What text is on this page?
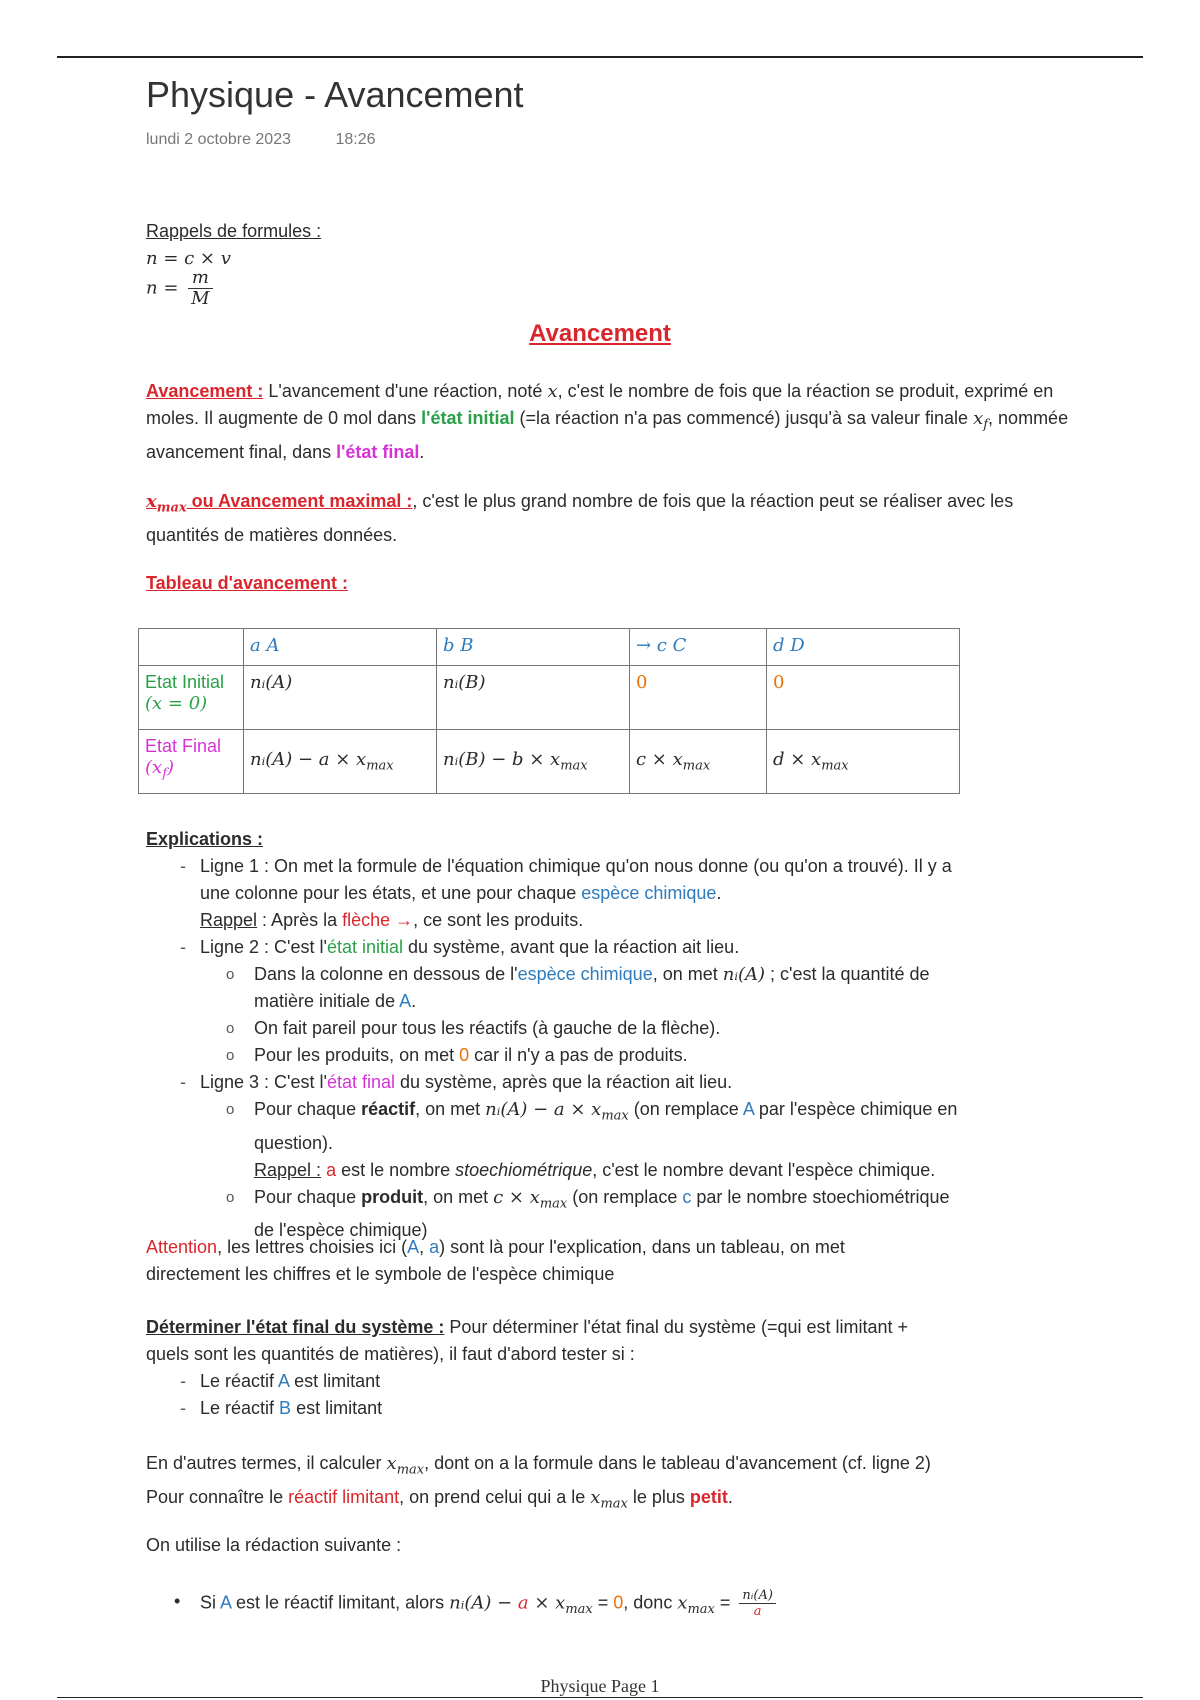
Physique - Avancement
lundi 2 octobre 2023	18:26
Rappels de formules :
n = c × v
$n = \frac{m}{M}$
Avancement
Avancement : L'avancement d'une réaction, noté x, c'est le nombre de fois que la réaction se produit, exprimé en moles. Il augmente de 0 mol dans l'état initial (=la réaction n'a pas commencé) jusqu'à sa valeur finale $x_f$, nommée avancement final, dans l'état final.
$x_{max}$ ou Avancement maximal :, c'est le plus grand nombre de fois que la réaction peut se réaliser avec les quantités de matières données.
Tableau d'avancement :
	a A	b B	→ c C	d D

Etat Initial
(x = 0)	nᵢ(A)	nᵢ(B)	0	0

Etat Final
$(x_f)$	nᵢ(A) − $a \times x_{max}$	nᵢ(B) − $b \times x_{max}$	$c \times x_{max}$	$d \times x_{max}$
Explications :
- Ligne 1 : On met la formule de l'équation chimique qu'on nous donne (ou qu'on a trouvé). Il y a
une colonne pour les états, et une pour chaque espèce chimique.
Rappel : Après la flèche →, ce sont les produits.
- Ligne 2 : C'est l'état initial du système, avant que la réaction ait lieu.
o Dans la colonne en dessous de l'espèce chimique, on met nᵢ(A) ; c'est la quantité de
matière initiale de A.
o On fait pareil pour tous les réactifs (à gauche de la flèche).
o Pour les produits, on met 0 car il n'y a pas de produits.
- Ligne 3 : C'est l'état final du système, après que la réaction ait lieu.
o Pour chaque réactif, on met nᵢ(A) − $a \times x_{max}$ (on remplace A par l'espèce chimique en
question).
Rappel : a est le nombre stoechiométrique, c'est le nombre devant l'espèce chimique.
o Pour chaque produit, on met $c \times x_{max}$ (on remplace c par le nombre stoechiométrique
de l'espèce chimique)
Attention, les lettres choisies ici (A, a) sont là pour l'explication, dans un tableau, on met
directement les chiffres et le symbole de l'espèce chimique
Déterminer l'état final du système : Pour déterminer l'état final du système (=qui est limitant +
quels sont les quantités de matières), il faut d'abord tester si :
- Le réactif A est limitant
- Le réactif B est limitant
En d'autres termes, il calculer $x_{max}$, dont on a la formule dans le tableau d'avancement (cf. ligne 2)
Pour connaître le réactif limitant, on prend celui qui a le $x_{max}$ le plus petit.
On utilise la rédaction suivante :
• Si A est le réactif limitant, alors nᵢ(A) − $a \times x_{max} = 0$, donc $x_{max} = \frac{\text{nᵢ(A)}}{a}$
Physique Page 1
